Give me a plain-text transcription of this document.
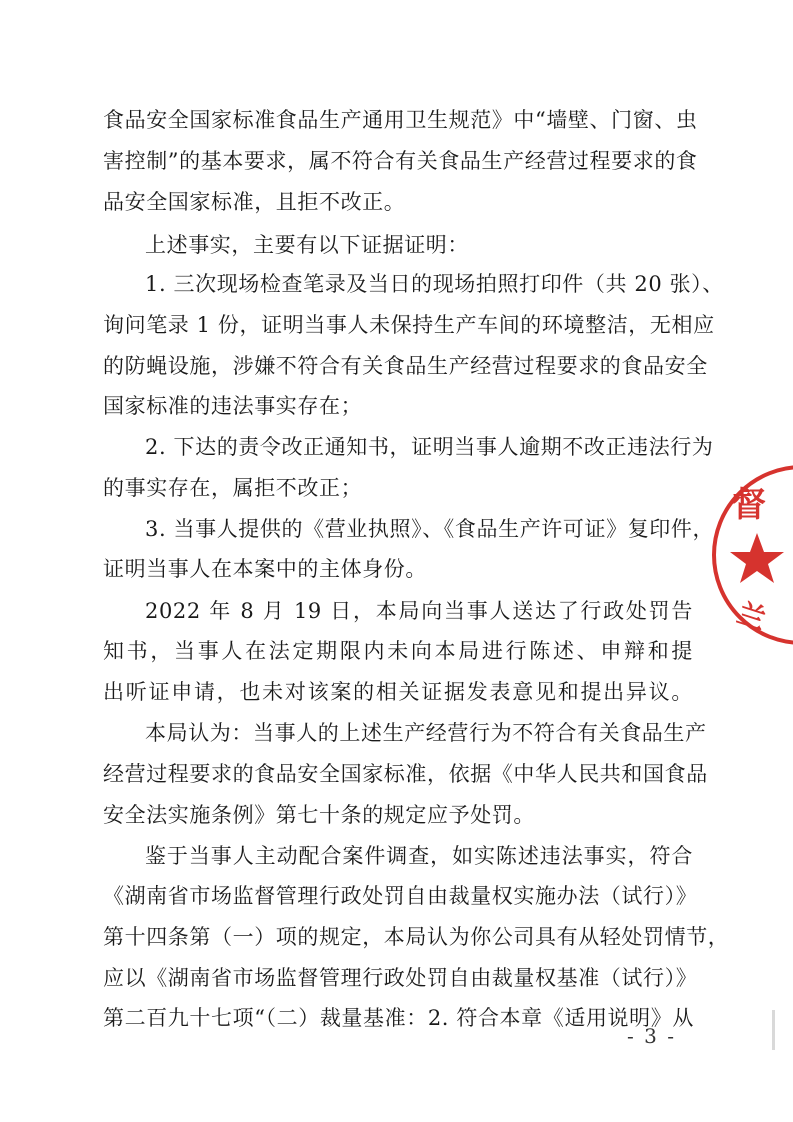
食品安全国家标准食品生产通用卫生规范》中“墙壁、门窗、虫
害控制”的基本要求，属不符合有关食品生产经营过程要求的食
品安全国家标准，且拒不改正。
上述事实，主要有以下证据证明：
1. 三次现场检查笔录及当日的现场拍照打印件（共 20 张）、
询问笔录 1 份，证明当事人未保持生产车间的环境整洁，无相应
的防蝇设施，涉嫌不符合有关食品生产经营过程要求的食品安全
国家标准的违法事实存在；
2. 下达的责令改正通知书，证明当事人逾期不改正违法行为
的事实存在，属拒不改正；
3. 当事人提供的《营业执照》、《食品生产许可证》复印件，
证明当事人在本案中的主体身份。
2022 年 8 月 19 日，本局向当事人送达了行政处罚告
知书，当事人在法定期限内未向本局进行陈述、申辩和提
出听证申请，也未对该案的相关证据发表意见和提出异议。
本局认为：当事人的上述生产经营行为不符合有关食品生产
经营过程要求的食品安全国家标准，依据《中华人民共和国食品
安全法实施条例》第七十条的规定应予处罚。
鉴于当事人主动配合案件调查，如实陈述违法事实，符合
《湖南省市场监督管理行政处罚自由裁量权实施办法（试行）》
第十四条第（一）项的规定，本局认为你公司具有从轻处罚情节，
应以《湖南省市场监督管理行政处罚自由裁量权基准（试行）》
第二百九十七项“（二）裁量基准：2. 符合本章《适用说明》从
- 3 -
督
兰
